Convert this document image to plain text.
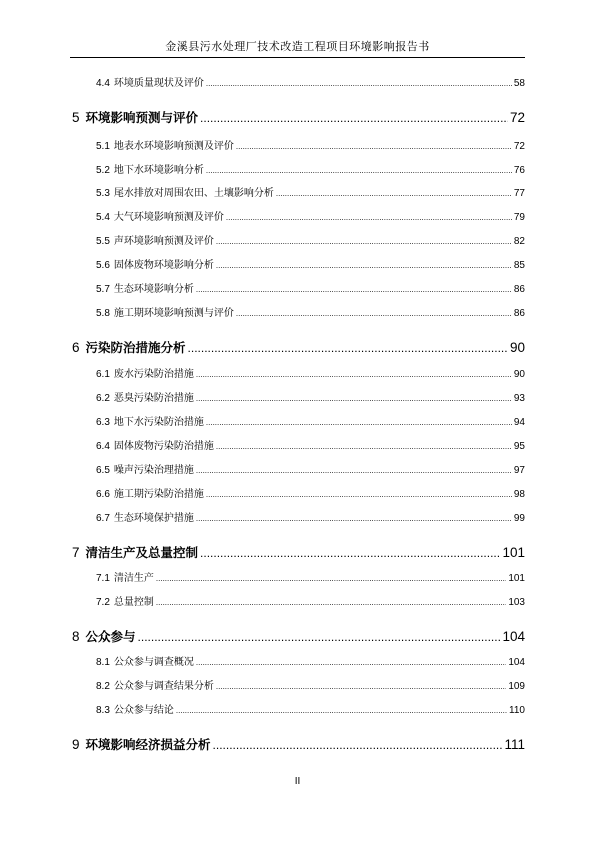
金溪县污水处理厂技术改造工程项目环境影响报告书
4.4 环境质量现状及评价 .....	58
5 环境影响预测与评价 .....	72
5.1 地表水环境影响预测及评价 .....	72
5.2 地下水环境影响分析 .....	76
5.3 尾水排放对周围农田、土壤影响分析 .....	77
5.4 大气环境影响预测及评价 .....	79
5.5 声环境影响预测及评价 .....	82
5.6 固体废物环境影响分析 .....	85
5.7 生态环境影响分析 .....	86
5.8 施工期环境影响预测与评价 .....	86
6 污染防治措施分析 .....	90
6.1 废水污染防治措施 .....	90
6.2 恶臭污染防治措施 .....	93
6.3 地下水污染防治措施 .....	94
6.4 固体废物污染防治措施 .....	95
6.5 噪声污染治理措施 .....	97
6.6 施工期污染防治措施 .....	98
6.7 生态环境保护措施 .....	99
7 清洁生产及总量控制 .....	101
7.1 清洁生产 .....	101
7.2 总量控制 .....	103
8 公众参与 .....	104
8.1 公众参与调查概况 .....	104
8.2 公众参与调查结果分析 .....	109
8.3 公众参与结论 .....	110
9 环境影响经济损益分析 .....	111
II
